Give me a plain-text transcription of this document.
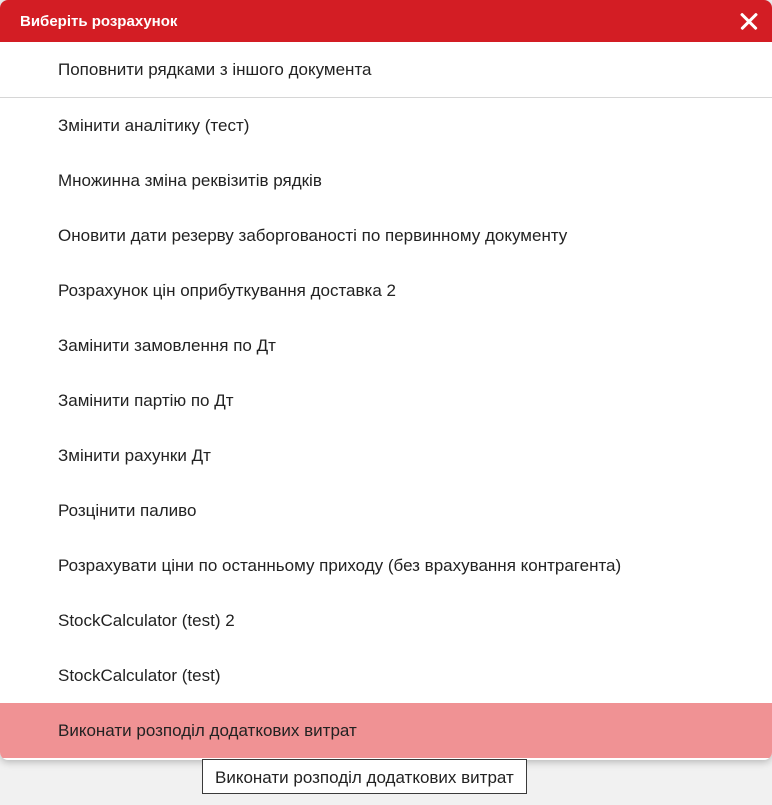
Виберіть розрахунок
Поповнити рядками з іншого документа
Змінити аналітику (тест)
Множинна зміна реквізитів рядків
Оновити дати резерву заборгованості по первинному документу
Розрахунок цін оприбуткування доставка 2
Замінити замовлення по Дт
Замінити партію по Дт
Змінити рахунки Дт
Розцінити паливо
Розрахувати ціни по останньому приходу (без врахування контрагента)
StockCalculator (test) 2
StockCalculator (test)
Виконати розподіл додаткових витрат
Виконати розподіл додаткових витрат
